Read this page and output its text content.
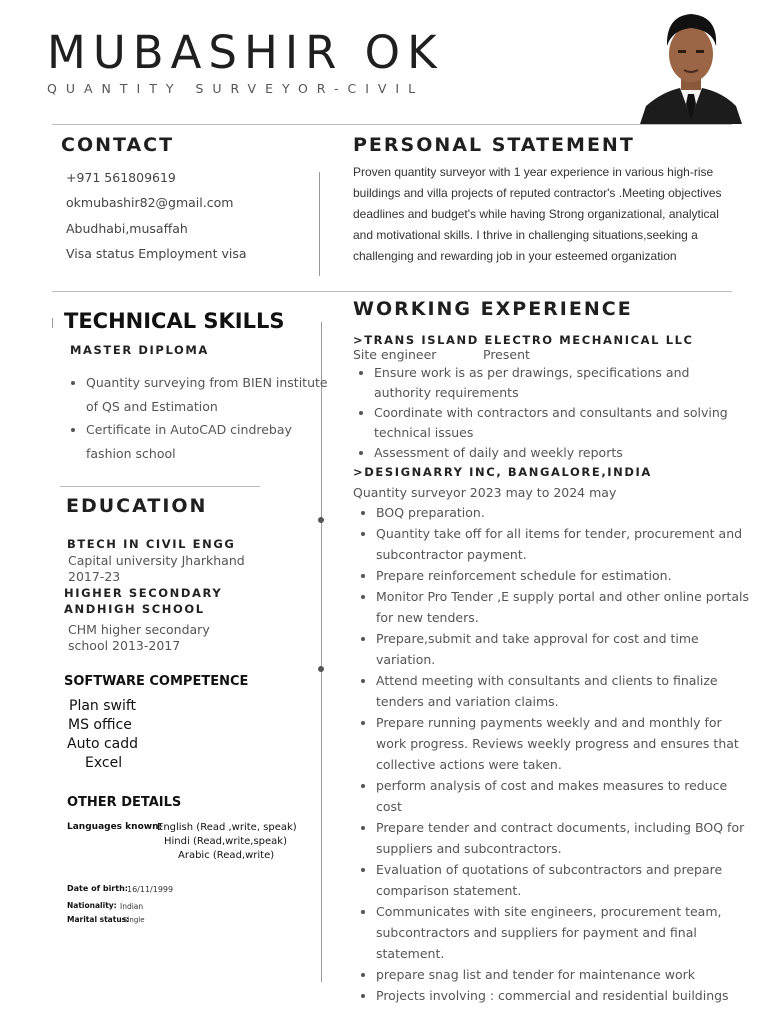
MUBASHIR OK
QUANTITY SURVEYOR-CIVIL
CONTACT
+971 561809619
okmubashir82@gmail.com
Abudhabi,musaffah
Visa status Employment visa
PERSONAL STATEMENT
Proven quantity surveyor with 1 year experience in various high-rise buildings and villa projects of reputed contractor's .Meeting objectives deadlines and budget's while having Strong organizational, analytical and motivational skills. I thrive in challenging situations,seeking a challenging and rewarding job in your esteemed organization
TECHNICAL SKILLS
MASTER DIPLOMA
• Quantity surveying from BIEN institute of QS and Estimation
• Certificate in AutoCAD cindrebay fashion school
EDUCATION
BTECH IN CIVIL ENGG
Capital university Jharkhand
2017-23
HIGHER SECONDARY
ANDHIGH SCHOOL
CHM higher secondary
school 2013-2017
SOFTWARE COMPETENCE
Plan swift
MS office
Auto cadd
Excel
OTHER DETAILS
Languages known:
English (Read ,write, speak)
Hindi (Read,write,speak)
Arabic (Read,write)
Date of birth: 16/11/1999
Nationality: Indian
Marital status:
Single
WORKING EXPERIENCE
>TRANS ISLAND ELECTRO MECHANICAL LLC
Site engineer	Present
• Ensure work is as per drawings, specifications and authority requirements
• Coordinate with contractors and consultants and solving technical issues
• Assessment of daily and weekly reports
>DESIGNARRY INC, BANGALORE,INDIA
Quantity surveyor 2023 may to 2024 may
• BOQ preparation.
• Quantity take off for all items for tender, procurement and subcontractor payment.
• Prepare reinforcement schedule for estimation.
• Monitor Pro Tender ,E supply portal and other online portals for new tenders.
• Prepare,submit and take approval for cost and time variation.
• Attend meeting with consultants and clients to finalize tenders and variation claims.
• Prepare running payments weekly and and monthly for work progress. Reviews weekly progress and ensures that collective actions were taken.
• perform analysis of cost and makes measures to reduce cost
• Prepare tender and contract documents, including BOQ for suppliers and subcontractors.
• Evaluation of quotations of subcontractors and prepare comparison statement.
• Communicates with site engineers, procurement team, subcontractors and suppliers for payment and final statement.
• prepare snag list and tender for maintenance work
• Projects involving : commercial and residential buildings
